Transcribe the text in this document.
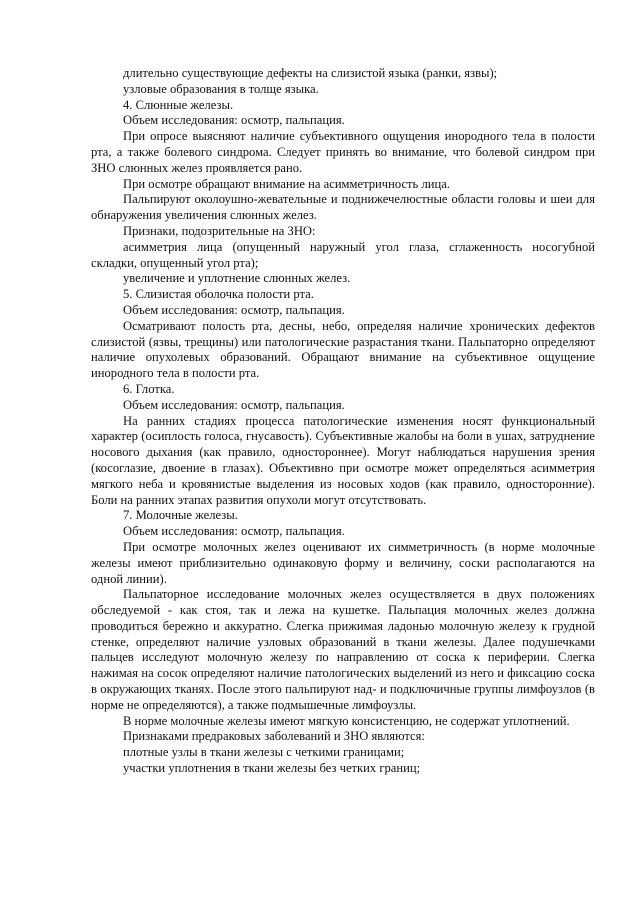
длительно существующие дефекты на слизистой языка (ранки, язвы);

узловые образования в толще языка.

4. Слюнные железы.

Объем исследования: осмотр, пальпация.

При опросе выясняют наличие субъективного ощущения инородного тела в полости рта, а также болевого синдрома. Следует принять во внимание, что болевой синдром при ЗНО слюнных желез проявляется рано.

При осмотре обращают внимание на асимметричность лица.

Пальпируют околоушно-жевательные и поднижечелюстные области головы и шеи для обнаружения увеличения слюнных желез.

Признаки, подозрительные на ЗНО:

асимметрия лица (опущенный наружный угол глаза, сглаженность носогубной складки, опущенный угол рта);

увеличение и уплотнение слюнных желез.

5. Слизистая оболочка полости рта.

Объем исследования: осмотр, пальпация.

Осматривают полость рта, десны, небо, определяя наличие хронических дефектов слизистой (язвы, трещины) или патологические разрастания ткани. Пальпаторно определяют наличие опухолевых образований. Обращают внимание на субъективное ощущение инородного тела в полости рта.

6. Глотка.

Объем исследования: осмотр, пальпация.

На ранних стадиях процесса патологические изменения носят функциональный характер (осиплость голоса, гнусавость). Субъективные жалобы на боли в ушах, затруднение носового дыхания (как правило, одностороннее). Могут наблюдаться нарушения зрения (косоглазие, двоение в глазах). Объективно при осмотре может определяться асимметрия мягкого неба и кровянистые выделения из носовых ходов (как правило, односторонние). Боли на ранних этапах развития опухоли могут отсутствовать.

7. Молочные железы.

Объем исследования: осмотр, пальпация.

При осмотре молочных желез оценивают их симметричность (в норме молочные железы имеют приблизительно одинаковую форму и величину, соски располагаются на одной линии).

Пальпаторное исследование молочных желез осуществляется в двух положениях обследуемой - как стоя, так и лежа на кушетке. Пальпация молочных желез должна проводиться бережно и аккуратно. Слегка прижимая ладонью молочную железу к грудной стенке, определяют наличие узловых образований в ткани железы. Далее подушечками пальцев исследуют молочную железу по направлению от соска к периферии. Слегка нажимая на сосок определяют наличие патологических выделений из него и фиксацию соска в окружающих тканях. После этого пальпируют над- и подключичные группы лимфоузлов (в норме не определяются), а также подмышечные лимфоузлы.

В норме молочные железы имеют мягкую консистенцию, не содержат уплотнений.

Признаками предраковых заболеваний и ЗНО являются:

плотные узлы в ткани железы с четкими границами;

участки уплотнения в ткани железы без четких границ;
